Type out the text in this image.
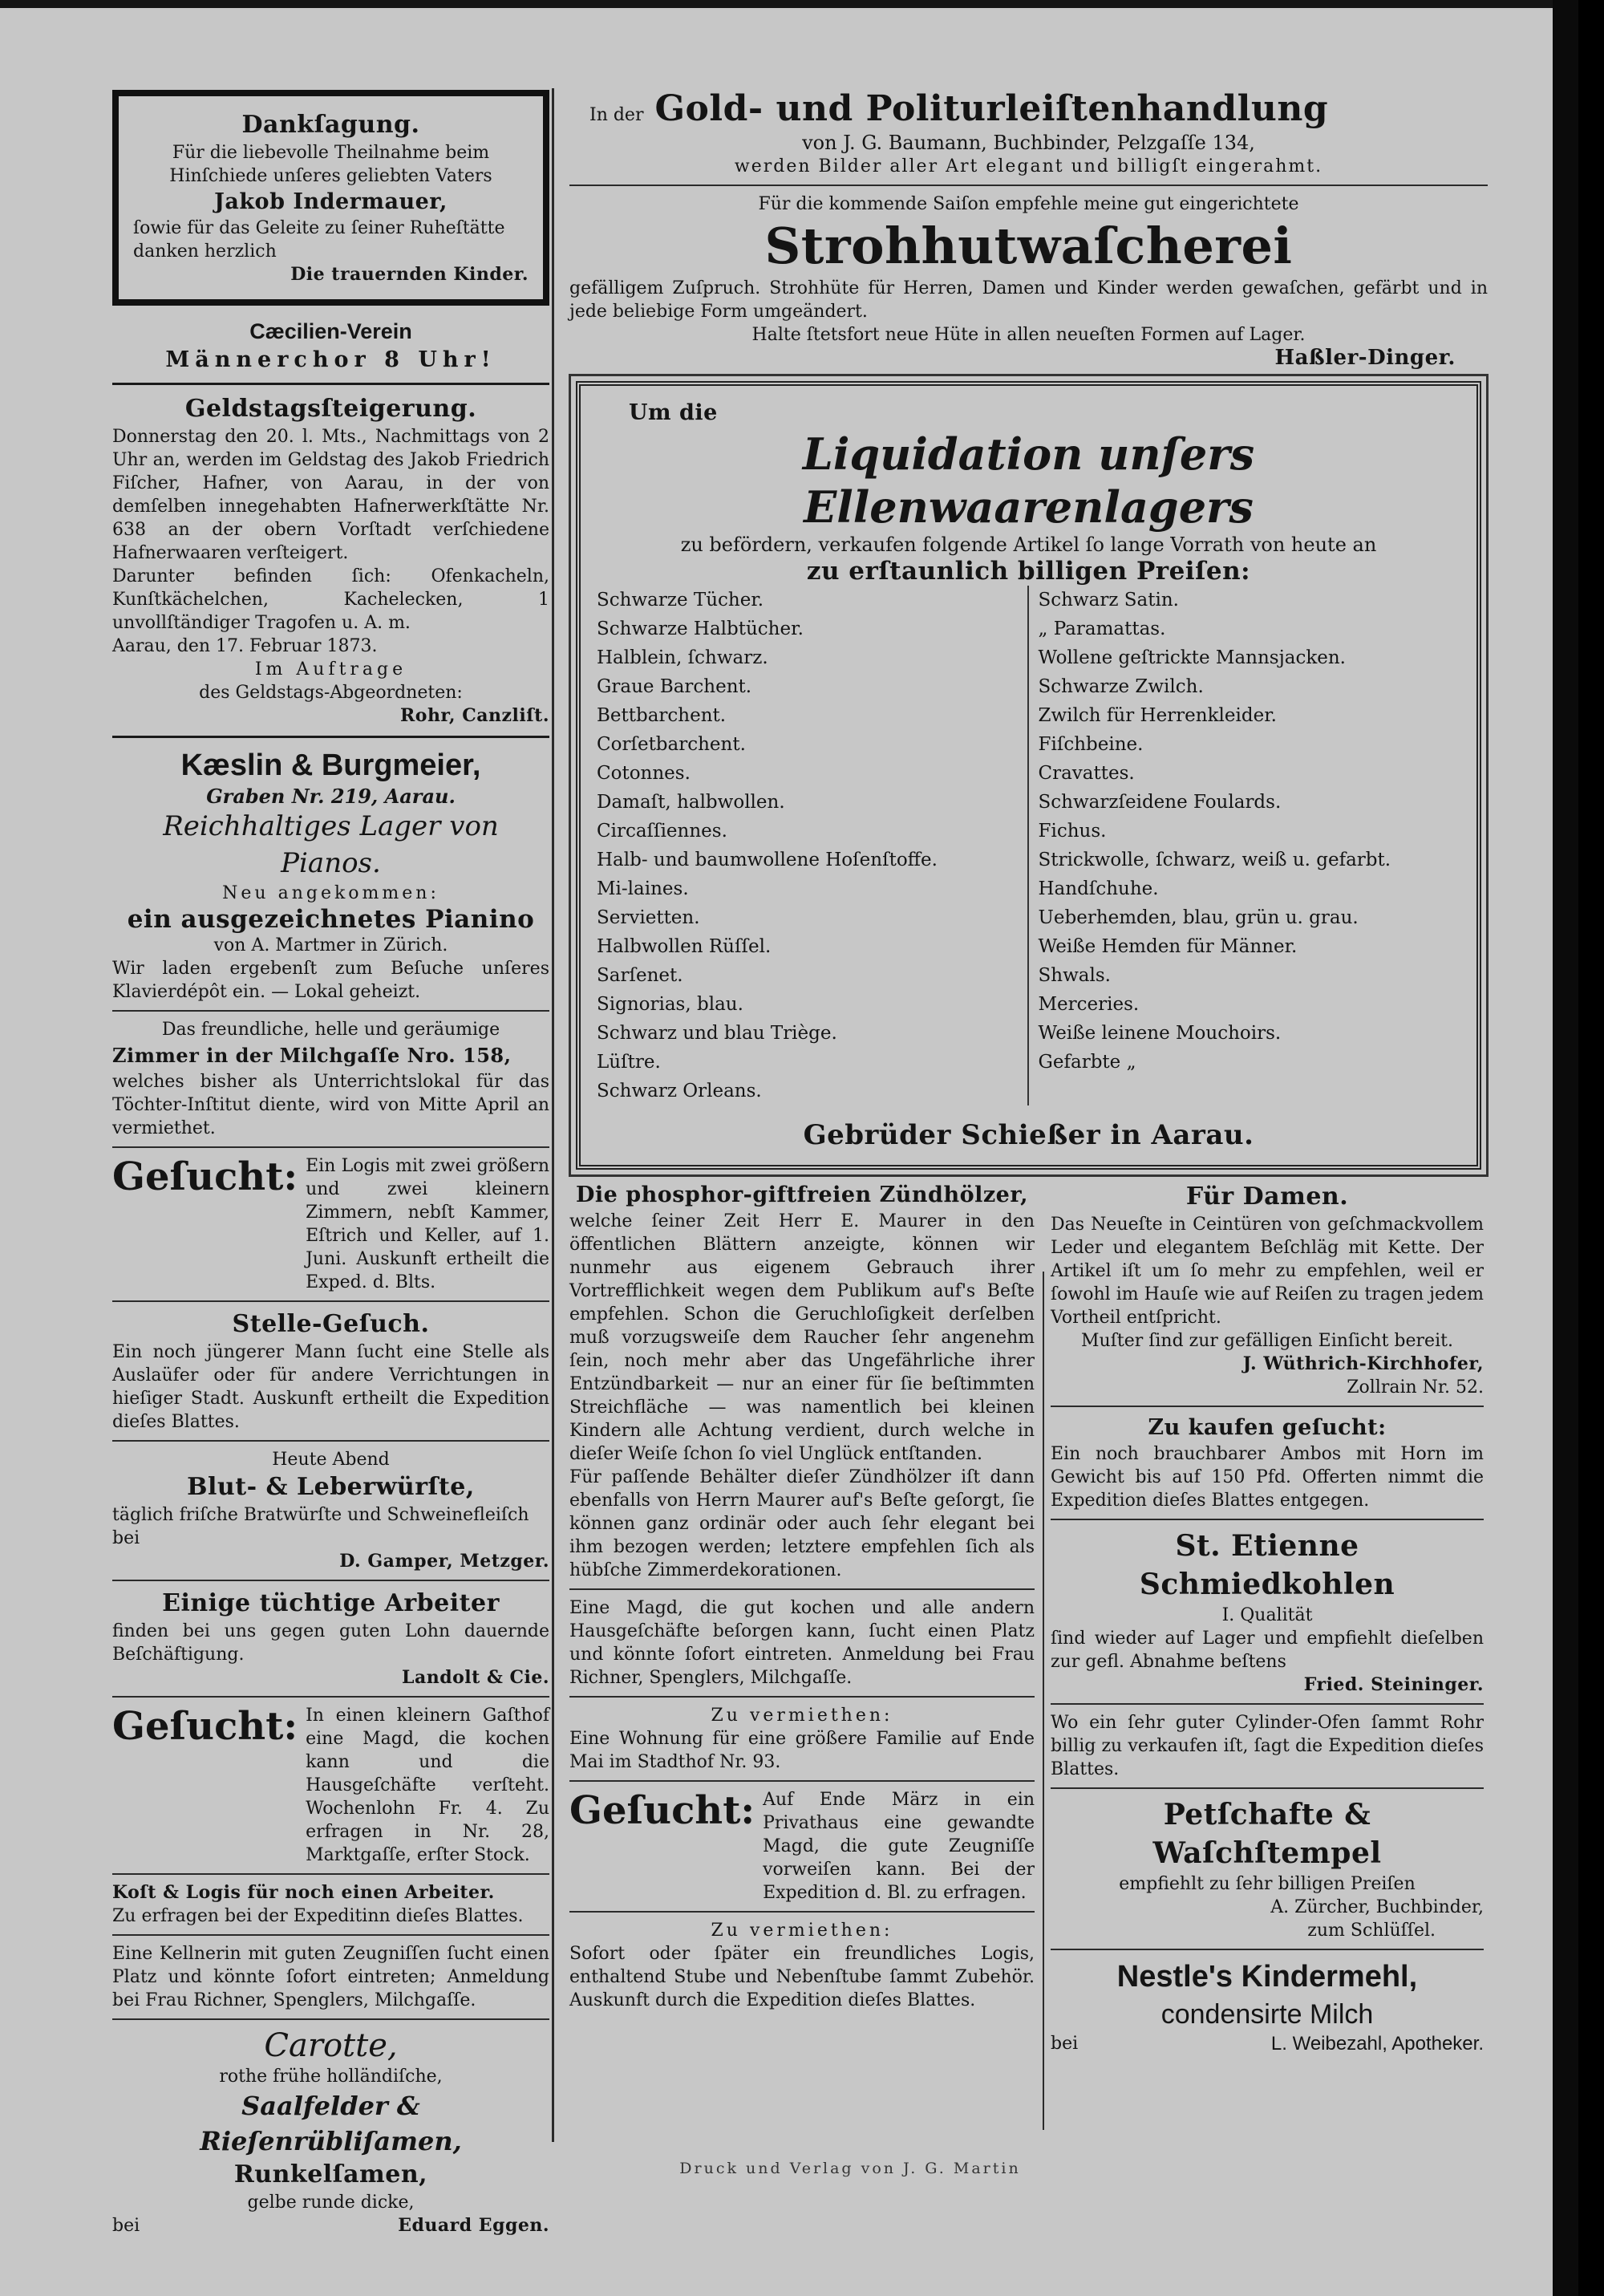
Dankſagung.

Für die liebevolle Theilnahme beim Hinſchiede unſeres geliebten Vaters

Jakob Indermauer,

ſowie für das Geleite zu ſeiner Ruheſtätte danken herzlich

Die trauernden Kinder.

Cæcilien-Verein

Männerchor 8 Uhr!

Geldstagsſteigerung.

Donnerstag den 20. l. Mts., Nachmittags von 2 Uhr an, werden im Geldstag des Jakob Friedrich Fiſcher, Hafner, von Aarau, in der von demſelben innegehabten Hafnerwerkſtätte Nr. 638 an der obern Vorſtadt verſchiedene Hafnerwaaren verſteigert.

Darunter befinden ſich: Ofenkacheln, Kunſtkächelchen, Kachelecken, 1 unvollſtändiger Tragofen u. A. m.

Aarau, den 17. Februar 1873.

Im Auftrage

des Geldstags-Abgeordneten:

Rohr, Canzliſt.

Kæslin & Burgmeier,

Graben Nr. 219, Aarau.

Reichhaltiges Lager von Pianos.

Neu angekommen:

ein ausgezeichnetes Pianino

von A. Martmer in Zürich.

Wir laden ergebenſt zum Beſuche unſeres Klavierdépôt ein. — Lokal geheizt.

Das freundliche, helle und geräumige

Zimmer in der Milchgaſſe Nro. 158,

welches bisher als Unterrichtslokal für das Töchter-Inſtitut diente, wird von Mitte April an vermiethet.

Geſucht: Ein Logis mit zwei größern und zwei kleinern Zimmern, nebſt Kammer, Eſtrich und Keller, auf 1. Juni. Auskunft ertheilt die Exped. d. Blts.

Stelle-Geſuch.

Ein noch jüngerer Mann ſucht eine Stelle als Auslaüfer oder für andere Verrichtungen in hieſiger Stadt. Auskunft ertheilt die Expedition dieſes Blattes.

Heute Abend

Blut- & Leberwürſte,

täglich friſche Bratwürſte und Schweinefleiſch bei

D. Gamper, Metzger.

Einige tüchtige Arbeiter

finden bei uns gegen guten Lohn dauernde Beſchäftigung.

Landolt & Cie.

Geſucht: In einen kleinern Gaſthof eine Magd, die kochen kann und die Hausgeſchäfte verſteht. Wochenlohn Fr. 4. Zu erfragen in Nr. 28, Marktgaſſe, erſter Stock.

Koſt & Logis für noch einen Arbeiter.

Zu erfragen bei der Expeditinn dieſes Blattes.

Eine Kellnerin mit guten Zeugniſſen ſucht einen Platz und könnte ſofort eintreten; Anmeldung bei Frau Richner, Spenglers, Milchgaſſe.

Carotte,

rothe frühe holländiſche,

Saalfelder & Rieſenrübliſamen,

Runkelſamen,

gelbe runde dicke,

bei	Eduard Eggen.
In der Gold- und Politurleiſtenhandlung

von J. G. Baumann, Buchbinder, Pelzgaſſe 134,

werden Bilder aller Art elegant und billigſt eingerahmt.

Für die kommende Saiſon empfehle meine gut eingerichtete

Strohhutwaſcherei

gefälligem Zuſpruch. Strohhüte für Herren, Damen und Kinder werden gewaſchen, gefärbt und in jede beliebige Form umgeändert.

Halte ſtetsfort neue Hüte in allen neueſten Formen auf Lager.

Haßler-Dinger.

Um die

Liquidation unſers Ellenwaarenlagers

zu befördern, verkaufen folgende Artikel ſo lange Vorrath von heute an

zu erſtaunlich billigen Preiſen:

Schwarze Tücher.

Schwarze Halbtücher.

Halblein, ſchwarz.

Graue Barchent.

Bettbarchent.

Corſetbarchent.

Cotonnes.

Damaſt, halbwollen.

Circaſſiennes.

Halb- und baumwollene Hoſenſtoffe.

Mi-laines.

Servietten.

Halbwollen Rüſſel.

Sarſenet.

Signorias, blau.

Schwarz und blau Triège.

Lüſtre.

Schwarz Orleans.

Schwarz Satin.

„ Paramattas.

Wollene geſtrickte Mannsjacken.

Schwarze Zwilch.

Zwilch für Herrenkleider.

Fiſchbeine.

Cravattes.

Schwarzſeidene Foulards.

Fichus.

Strickwolle, ſchwarz, weiß u. gefarbt.

Handſchuhe.

Ueberhemden, blau, grün u. grau.

Weiße Hemden für Männer.

Shwals.

Merceries.

Weiße leinene Mouchoirs.

Gefarbte „

Gebrüder Schießer in Aarau.

Die phosphor-giftfreien Zündhölzer,

welche ſeiner Zeit Herr E. Maurer in den öffentlichen Blättern anzeigte, können wir nunmehr aus eigenem Gebrauch ihrer Vortrefflichkeit wegen dem Publikum auf's Beſte empfehlen. Schon die Geruchloſigkeit derſelben muß vorzugsweiſe dem Raucher ſehr angenehm ſein, noch mehr aber das Ungefährliche ihrer Entzündbarkeit — nur an einer für ſie beſtimmten Streichfläche — was namentlich bei kleinen Kindern alle Achtung verdient, durch welche in dieſer Weiſe ſchon ſo viel Unglück entſtanden.

Für paſſende Behälter dieſer Zündhölzer iſt dann ebenfalls von Herrn Maurer auf's Beſte geſorgt, ſie können ganz ordinär oder auch ſehr elegant bei ihm bezogen werden; letztere empfehlen ſich als hübſche Zimmerdekorationen.

Eine Magd, die gut kochen und alle andern Hausgeſchäfte beſorgen kann, ſucht einen Platz und könnte ſofort eintreten. Anmeldung bei Frau Richner, Spenglers, Milchgaſſe.

Zu vermiethen:

Eine Wohnung für eine größere Familie auf Ende Mai im Stadthof Nr. 93.

Geſucht: Auf Ende März in ein Privathaus eine gewandte Magd, die gute Zeugniſſe vorweiſen kann. Bei der Expedition d. Bl. zu erfragen.

Zu vermiethen:

Sofort oder ſpäter ein freundliches Logis, enthaltend Stube und Nebenſtube ſammt Zubehör. Auskunft durch die Expedition dieſes Blattes.

Für Damen.

Das Neueſte in Ceintüren von geſchmackvollem Leder und elegantem Beſchläg mit Kette. Der Artikel iſt um ſo mehr zu empfehlen, weil er ſowohl im Hauſe wie auf Reiſen zu tragen jedem Vortheil entſpricht.

Muſter ſind zur gefälligen Einſicht bereit.

J. Wüthrich-Kirchhofer,

Zollrain Nr. 52.

Zu kaufen geſucht:

Ein noch brauchbarer Ambos mit Horn im Gewicht bis auf 150 Pfd. Offerten nimmt die Expedition dieſes Blattes entgegen.

St. Etienne Schmiedkohlen

I. Qualität

ſind wieder auf Lager und empfiehlt dieſelben zur gefl. Abnahme beſtens

Fried. Steininger.

Wo ein ſehr guter Cylinder-Ofen ſammt Rohr billig zu verkaufen iſt, ſagt die Expedition dieſes Blattes.

Petſchafte & Waſchſtempel

empfiehlt zu ſehr billigen Preiſen

A. Zürcher, Buchbinder,

zum Schlüſſel.

Nestle's Kindermehl,

condensirte Milch

bei	L. Weibezahl, Apotheker.

Druck und Verlag von J. G. Martin
